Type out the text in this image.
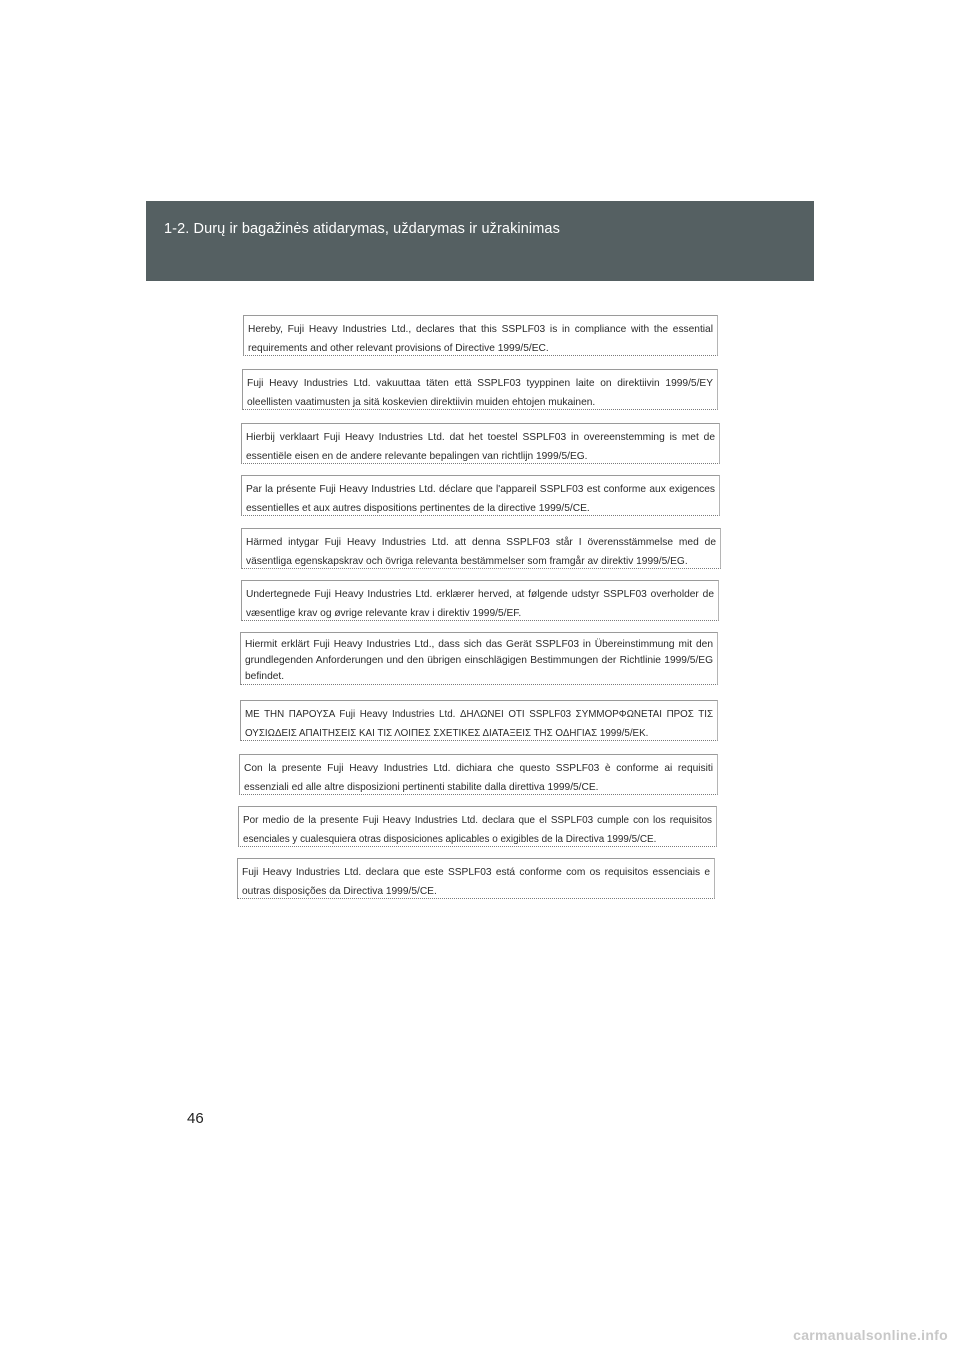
1-2. Durų ir bagažinės atidarymas, uždarymas ir užrakinimas
Hereby, Fuji Heavy Industries Ltd., declares that this SSPLF03 is in compliance with the essential requirements and other relevant provisions of Directive 1999/5/EC.
Fuji Heavy Industries Ltd. vakuuttaa täten että SSPLF03 tyyppinen laite on direktiivin 1999/5/EY oleellisten vaatimusten ja sitä koskevien direktiivin muiden ehtojen mukainen.
Hierbij verklaart Fuji Heavy Industries Ltd. dat het toestel SSPLF03 in overeenstemming is met de essentiële eisen en de andere relevante bepalingen van richtlijn 1999/5/EG.
Par la présente Fuji Heavy Industries Ltd. déclare que l'appareil SSPLF03 est conforme aux exigences essentielles et aux autres dispositions pertinentes de la directive 1999/5/CE.
Härmed intygar Fuji Heavy Industries Ltd. att denna SSPLF03 står I överensstämmelse med de väsentliga egenskapskrav och övriga relevanta bestämmelser som framgår av direktiv 1999/5/EG.
Undertegnede Fuji Heavy Industries Ltd. erklærer herved, at følgende udstyr SSPLF03 overholder de væsentlige krav og øvrige relevante krav i direktiv 1999/5/EF.
Hiermit erklärt Fuji Heavy Industries Ltd., dass sich das Gerät SSPLF03 in Übereinstimmung mit den grundlegenden Anforderungen und den übrigen einschlägigen Bestimmungen der Richtlinie 1999/5/EG befindet.
ΜΕ ΤΗΝ ΠΑΡΟΥΣΑ Fuji Heavy Industries Ltd. ΔΗΛΩΝΕΙ ΟΤΙ SSPLF03 ΣΥΜΜΟΡΦΩΝΕΤΑΙ ΠΡΟΣ ΤΙΣ ΟΥΣΙΩΔΕΙΣ ΑΠΑΙΤΗΣΕΙΣ ΚΑΙ ΤΙΣ ΛΟΙΠΕΣ ΣΧΕΤΙΚΕΣ ΔΙΑΤΑΞΕΙΣ ΤΗΣ ΟΔΗΓΙΑΣ 1999/5/ΕΚ.
Con la presente Fuji Heavy Industries Ltd. dichiara che questo SSPLF03 è conforme ai requisiti essenziali ed alle altre disposizioni pertinenti stabilite dalla direttiva 1999/5/CE.
Por medio de la presente Fuji Heavy Industries Ltd. declara que el SSPLF03 cumple con los requisitos esenciales y cualesquiera otras disposiciones aplicables o exigibles de la Directiva 1999/5/CE.
Fuji Heavy Industries Ltd. declara que este SSPLF03 está conforme com os requisitos essenciais e outras disposições da Directiva 1999/5/CE.
46
carmanualsonline.info
